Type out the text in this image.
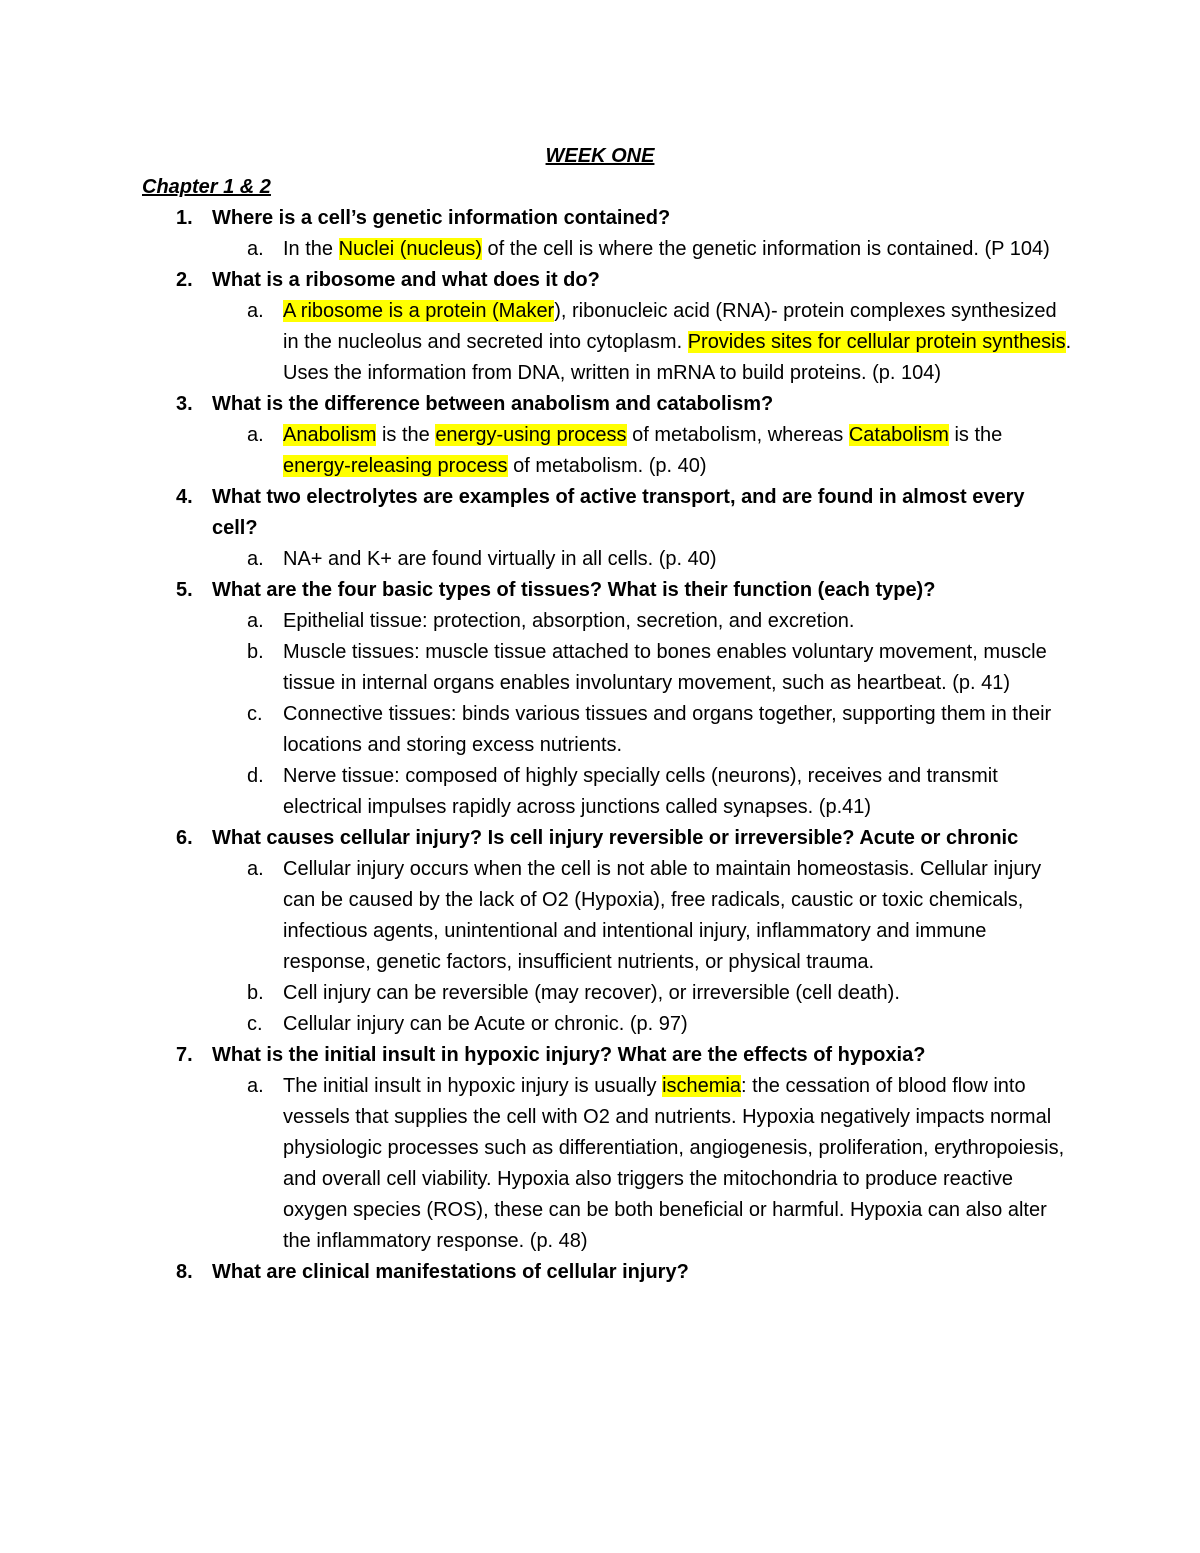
WEEK ONE
Chapter 1 & 2
1. Where is a cell’s genetic information contained?
a. In the Nuclei (nucleus) of the cell is where the genetic information is contained. (P 104)
2. What is a ribosome and what does it do?
a. A ribosome is a protein (Maker), ribonucleic acid (RNA)- protein complexes synthesized in the nucleolus and secreted into cytoplasm. Provides sites for cellular protein synthesis. Uses the information from DNA, written in mRNA to build proteins. (p. 104)
3. What is the difference between anabolism and catabolism?
a. Anabolism is the energy-using process of metabolism, whereas Catabolism is the energy-releasing process of metabolism. (p. 40)
4. What two electrolytes are examples of active transport, and are found in almost every cell?
a. NA+ and K+ are found virtually in all cells. (p. 40)
5. What are the four basic types of tissues? What is their function (each type)?
a. Epithelial tissue: protection, absorption, secretion, and excretion.
b. Muscle tissues: muscle tissue attached to bones enables voluntary movement, muscle tissue in internal organs enables involuntary movement, such as heartbeat. (p. 41)
c. Connective tissues: binds various tissues and organs together, supporting them in their locations and storing excess nutrients.
d. Nerve tissue: composed of highly specially cells (neurons), receives and transmit electrical impulses rapidly across junctions called synapses. (p.41)
6. What causes cellular injury? Is cell injury reversible or irreversible? Acute or chronic
a. Cellular injury occurs when the cell is not able to maintain homeostasis. Cellular injury can be caused by the lack of O2 (Hypoxia), free radicals, caustic or toxic chemicals, infectious agents, unintentional and intentional injury, inflammatory and immune response, genetic factors, insufficient nutrients, or physical trauma.
b. Cell injury can be reversible (may recover), or irreversible (cell death).
c. Cellular injury can be Acute or chronic. (p. 97)
7. What is the initial insult in hypoxic injury? What are the effects of hypoxia?
a. The initial insult in hypoxic injury is usually ischemia: the cessation of blood flow into vessels that supplies the cell with O2 and nutrients. Hypoxia negatively impacts normal physiologic processes such as differentiation, angiogenesis, proliferation, erythropoiesis, and overall cell viability. Hypoxia also triggers the mitochondria to produce reactive oxygen species (ROS), these can be both beneficial or harmful. Hypoxia can also alter the inflammatory response. (p. 48)
8. What are clinical manifestations of cellular injury?
